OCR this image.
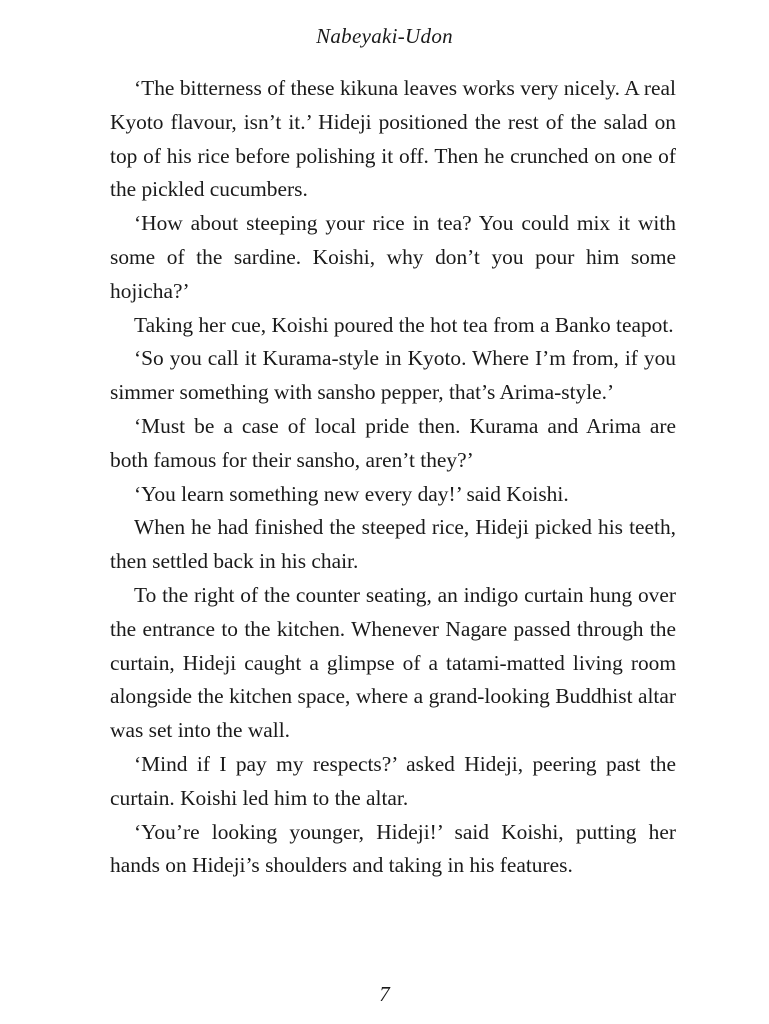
Nabeyaki-Udon

‘The bitterness of these kikuna leaves works very nicely. A real Kyoto flavour, isn’t it.’ Hideji positioned the rest of the salad on top of his rice before polishing it off. Then he crunched on one of the pickled cucumbers.

‘How about steeping your rice in tea? You could mix it with some of the sardine. Koishi, why don’t you pour him some hojicha?’

Taking her cue, Koishi poured the hot tea from a Banko teapot.

‘So you call it Kurama-style in Kyoto. Where I’m from, if you simmer something with sansho pepper, that’s Arima-style.’

‘Must be a case of local pride then. Kurama and Arima are both famous for their sansho, aren’t they?’

‘You learn something new every day!’ said Koishi.

When he had finished the steeped rice, Hideji picked his teeth, then settled back in his chair.

To the right of the counter seating, an indigo curtain hung over the entrance to the kitchen. Whenever Nagare passed through the curtain, Hideji caught a glimpse of a tatami-matted living room alongside the kitchen space, where a grand-looking Buddhist altar was set into the wall.

‘Mind if I pay my respects?’ asked Hideji, peering past the curtain. Koishi led him to the altar.

‘You’re looking younger, Hideji!’ said Koishi, putting her hands on Hideji’s shoulders and taking in his features.

7
